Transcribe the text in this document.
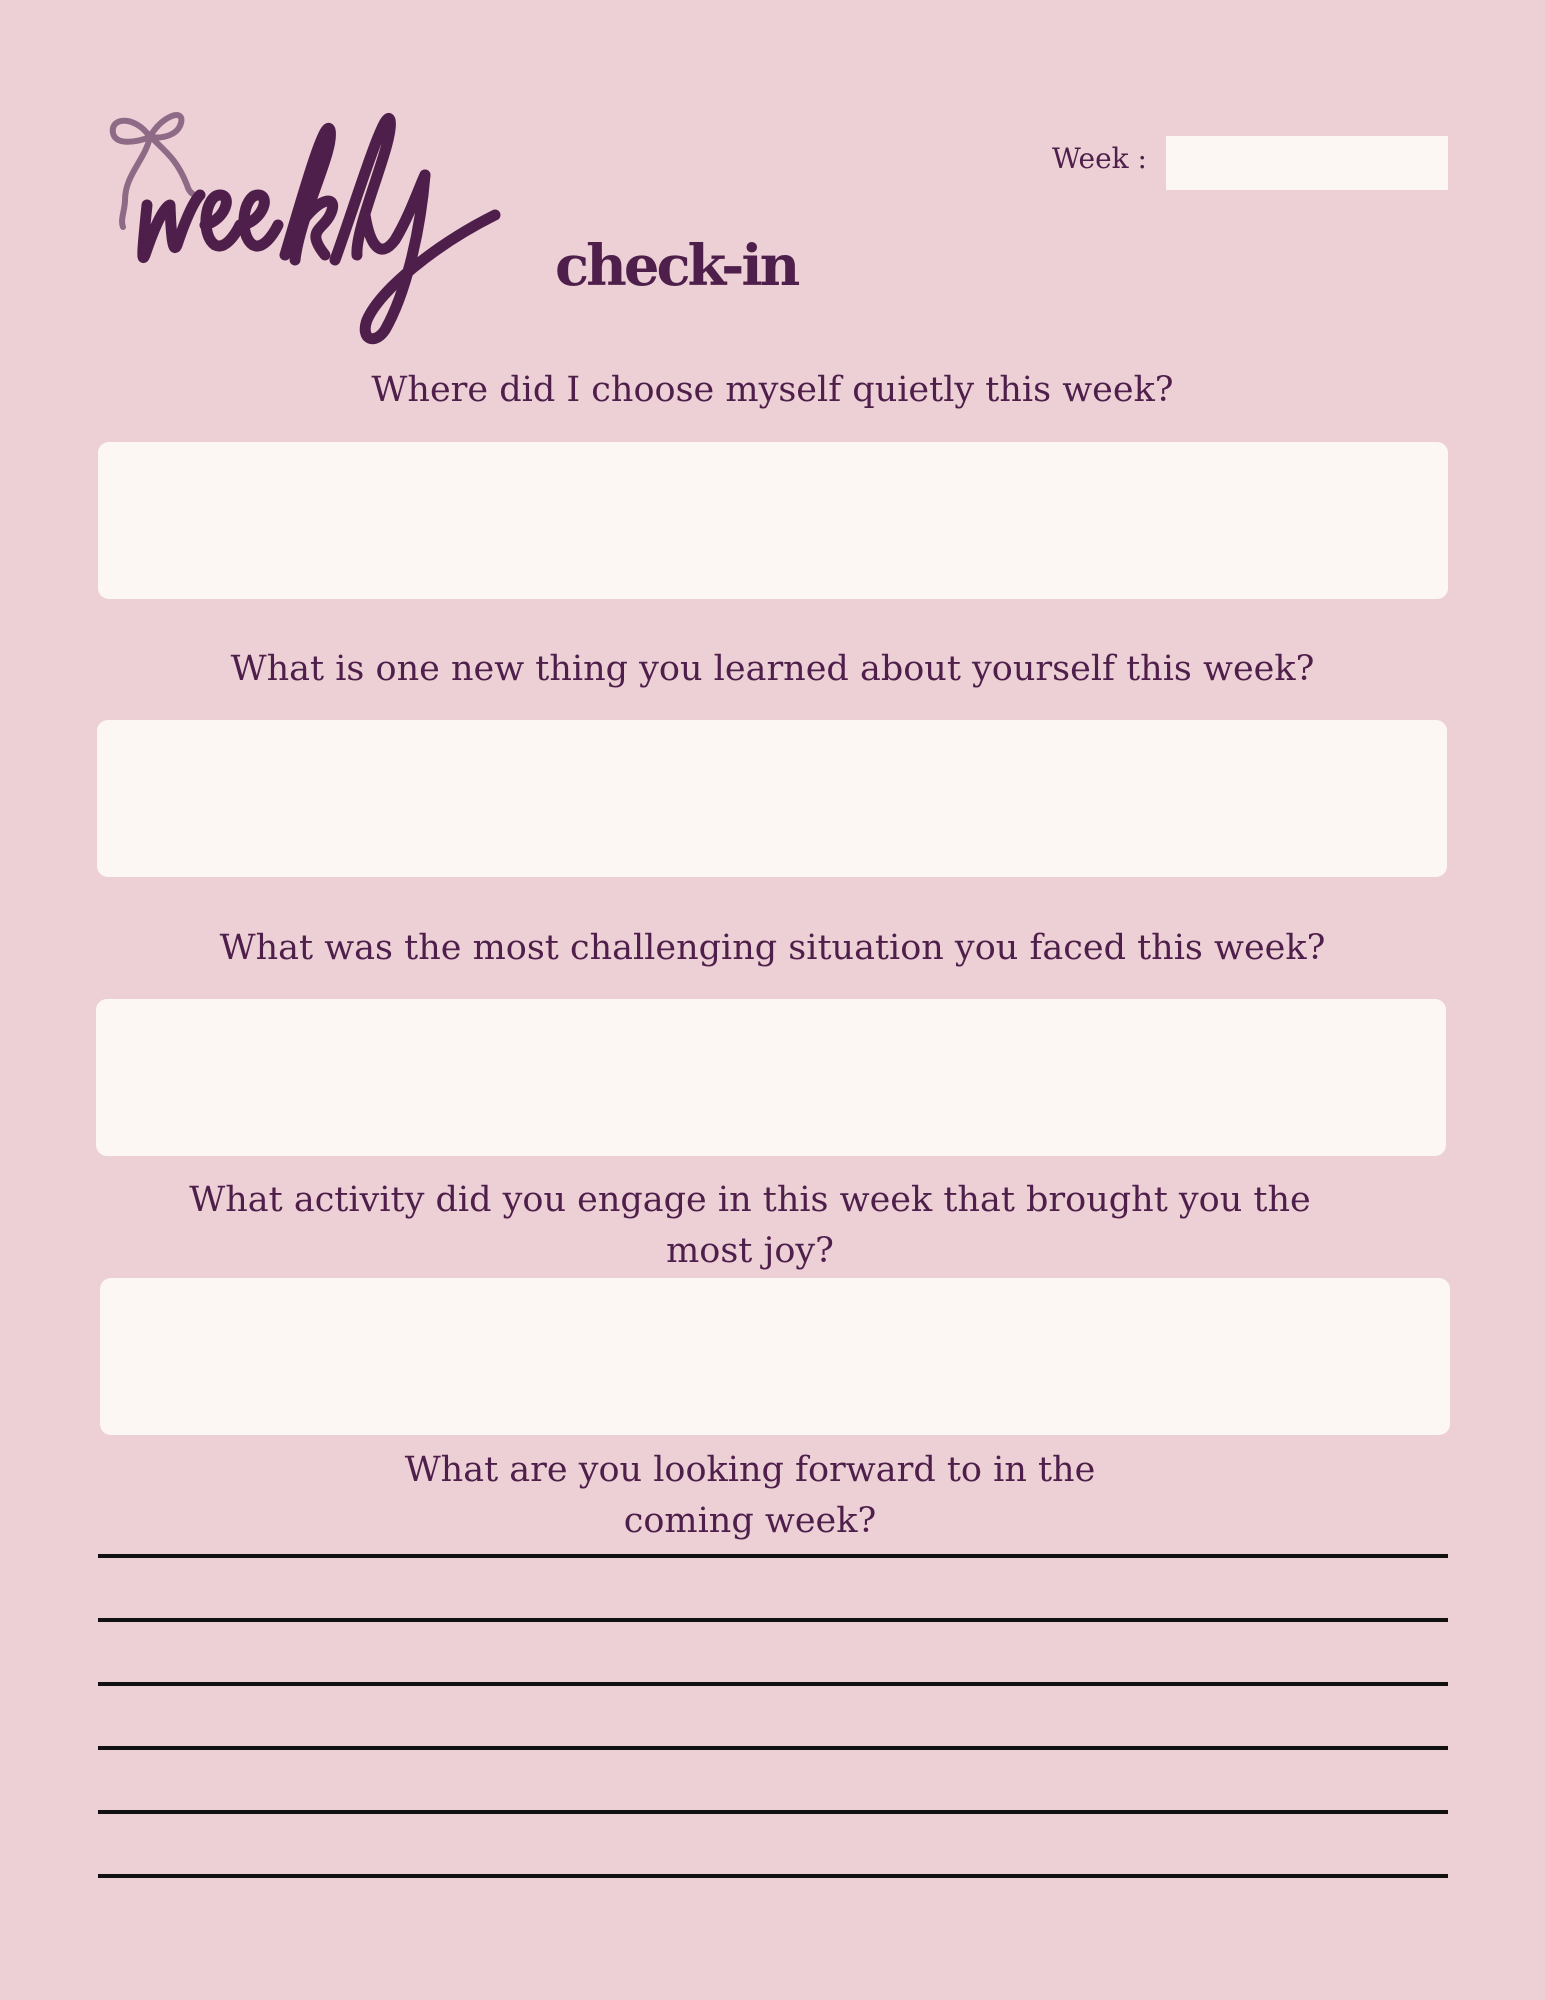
check-in
Week :

Where did I choose myself quietly this week?

What is one new thing you learned about yourself this week?

What was the most challenging situation you faced this week?

What activity did you engage in this week that brought you the most joy?

What are you looking forward to in the coming week?
